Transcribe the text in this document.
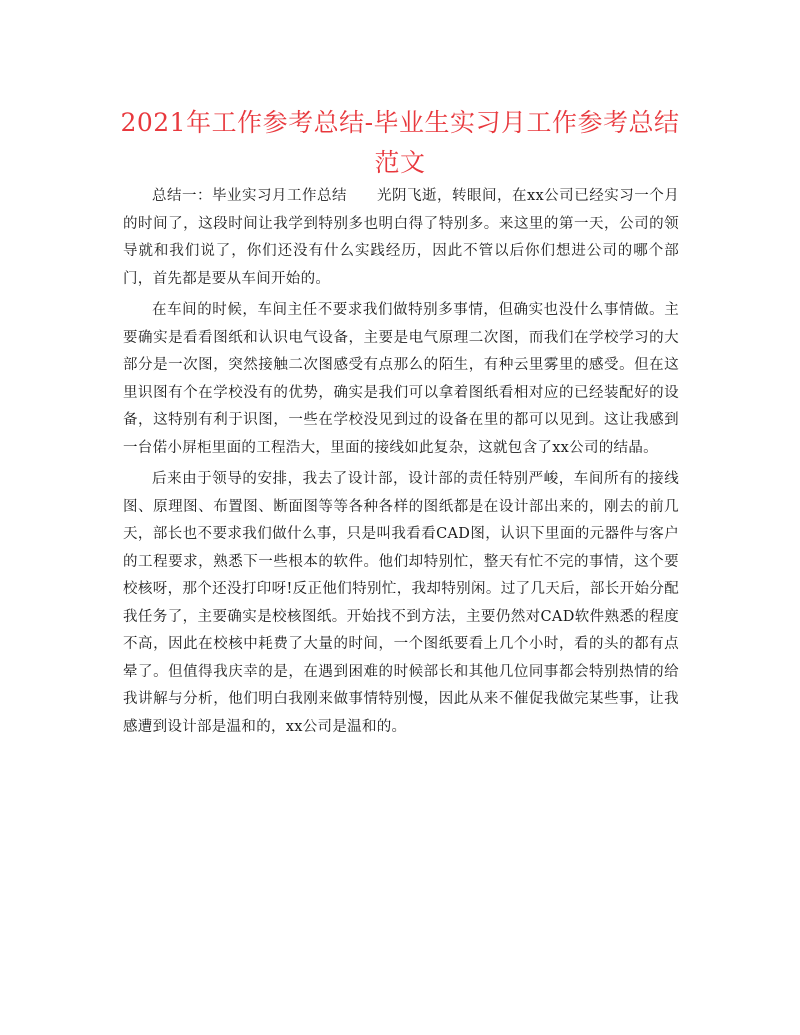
2021年工作参考总结-毕业生实习月工作参考总结范文

总结一：毕业实习月工作总结　　光阴飞逝，转眼间，在xx公司已经实习一个月的时间了，这段时间让我学到特别多也明白得了特别多。来这里的第一天，公司的领导就和我们说了，你们还没有什么实践经历，因此不管以后你们想进公司的哪个部门，首先都是要从车间开始的。

在车间的时候，车间主任不要求我们做特别多事情，但确实也没什么事情做。主要确实是看看图纸和认识电气设备，主要是电气原理二次图，而我们在学校学习的大部分是一次图，突然接触二次图感受有点那么的陌生，有种云里雾里的感受。但在这里识图有个在学校没有的优势，确实是我们可以拿着图纸看相对应的已经装配好的设备，这特别有利于识图，一些在学校没见到过的设备在里的都可以见到。这让我感到一台偌小屏柜里面的工程浩大，里面的接线如此复杂，这就包含了xx公司的结晶。

后来由于领导的安排，我去了设计部，设计部的责任特别严峻，车间所有的接线图、原理图、布置图、断面图等等各种各样的图纸都是在设计部出来的，刚去的前几天，部长也不要求我们做什么事，只是叫我看看CAD图，认识下里面的元器件与客户的工程要求，熟悉下一些根本的软件。他们却特别忙，整天有忙不完的事情，这个要校核呀，那个还没打印呀!反正他们特别忙，我却特别闲。过了几天后，部长开始分配我任务了，主要确实是校核图纸。开始找不到方法，主要仍然对CAD软件熟悉的程度不高，因此在校核中耗费了大量的时间，一个图纸要看上几个小时，看的头的都有点晕了。但值得我庆幸的是，在遇到困难的时候部长和其他几位同事都会特别热情的给我讲解与分析，他们明白我刚来做事情特别慢，因此从来不催促我做完某些事，让我感遭到设计部是温和的，xx公司是温和的。
